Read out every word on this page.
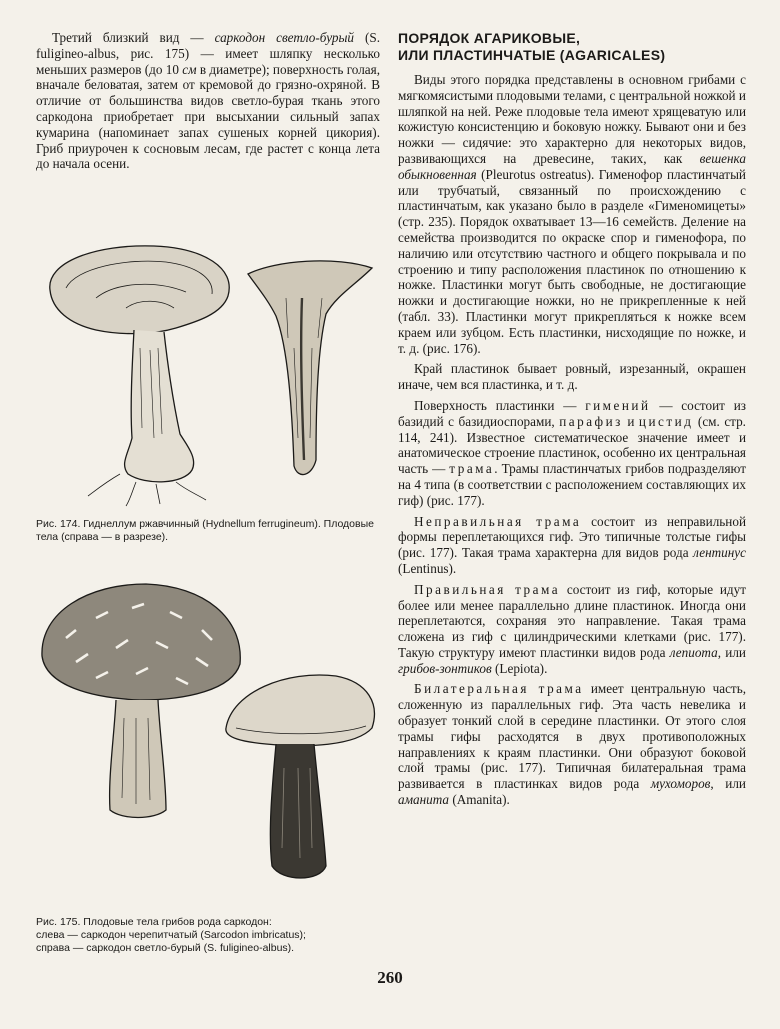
Третий близкий вид — саркодон светло-бурый (S. fuliginео-albus, рис. 175) — имеет шляпку несколько меньших размеров (до 10 см в диаметре); поверхность голая, вначале беловатая, затем от кремовой до грязно-охряной. В отличие от большинства видов светло-бурая ткань этого саркодона приобретает при высыхании сильный запах кумарина (напоминает запах сушеных корней цикория). Гриб приурочен к сосновым лесам, где растет с конца лета до начала осени.

Рис. 174. Гиднеллум ржавчинный (Hydnellum ferrugineum). Плодовые тела (справа — в разрезе).

Рис. 175. Плодовые тела грибов рода саркодон:

слева — саркодон черепитчатый (Sarcodon imbricatus);

справа — саркодон светло-бурый (S. fuligineo-albus).

ПОРЯДОК АГАРИКОВЫЕ,
ИЛИ ПЛАСТИНЧАТЫЕ (AGARICALES)

Виды этого порядка представлены в основном грибами с мягкомясистыми плодовыми телами, с центральной ножкой и шляпкой на ней. Реже плодовые тела имеют хрящеватую или кожистую консистенцию и боковую ножку. Бывают они и без ножки — сидячие: это характерно для некоторых видов, развивающихся на древесине, таких, как вешенка обыкновенная (Pleurotus ostreatus). Гименофор пластинчатый или трубчатый, связанный по происхождению с пластинчатым, как указано было в разделе «Гименомицеты» (стр. 235). Порядок охватывает 13—16 семейств. Деление на семейства производится по окраске спор и гименофора, по наличию или отсутствию частного и общего покрывала и по строению и типу расположения пластинок по отношению к ножке. Пластинки могут быть свободные, не достигающие ножки и достигающие ножки, но не прикрепленные к ней (табл. 33). Пластинки могут прикрепляться к ножке всем краем или зубцом. Есть пластинки, нисходящие по ножке, и т. д. (рис. 176).

Край пластинок бывает ровный, изрезанный, окрашен иначе, чем вся пластинка, и т. д.

Поверхность пластинки — гимений — состоит из базидий с базидиоспорами, парафиз и цистид (см. стр. 114, 241). Известное систематическое значение имеет и анатомическое строение пластинок, особенно их центральная часть — трама. Трамы пластинчатых грибов подразделяют на 4 типа (в соответствии с расположением составляющих их гиф) (рис. 177).

Неправильная трама состоит из неправильной формы переплетающихся гиф. Это типичные толстые гифы (рис. 177). Такая трама характерна для видов рода лентинус (Lentinus).

Правильная трама состоит из гиф, которые идут более или менее параллельно длине пластинок. Иногда они переплетаются, сохраняя это направление. Такая трама сложена из гиф с цилиндрическими клетками (рис. 177). Такую структуру имеют пластинки видов рода лепиота, или грибов-зонтиков (Lepiota).

Билатеральная трама имеет центральную часть, сложенную из параллельных гиф. Эта часть невелика и образует тонкий слой в середине пластинки. От этого слоя трамы гифы расходятся в двух противоположных направлениях к краям пластинки. Они образуют боковой слой трамы (рис. 177). Типичная билатеральная трама развивается в пластинках видов рода мухоморов, или аманита (Amanita).

260
